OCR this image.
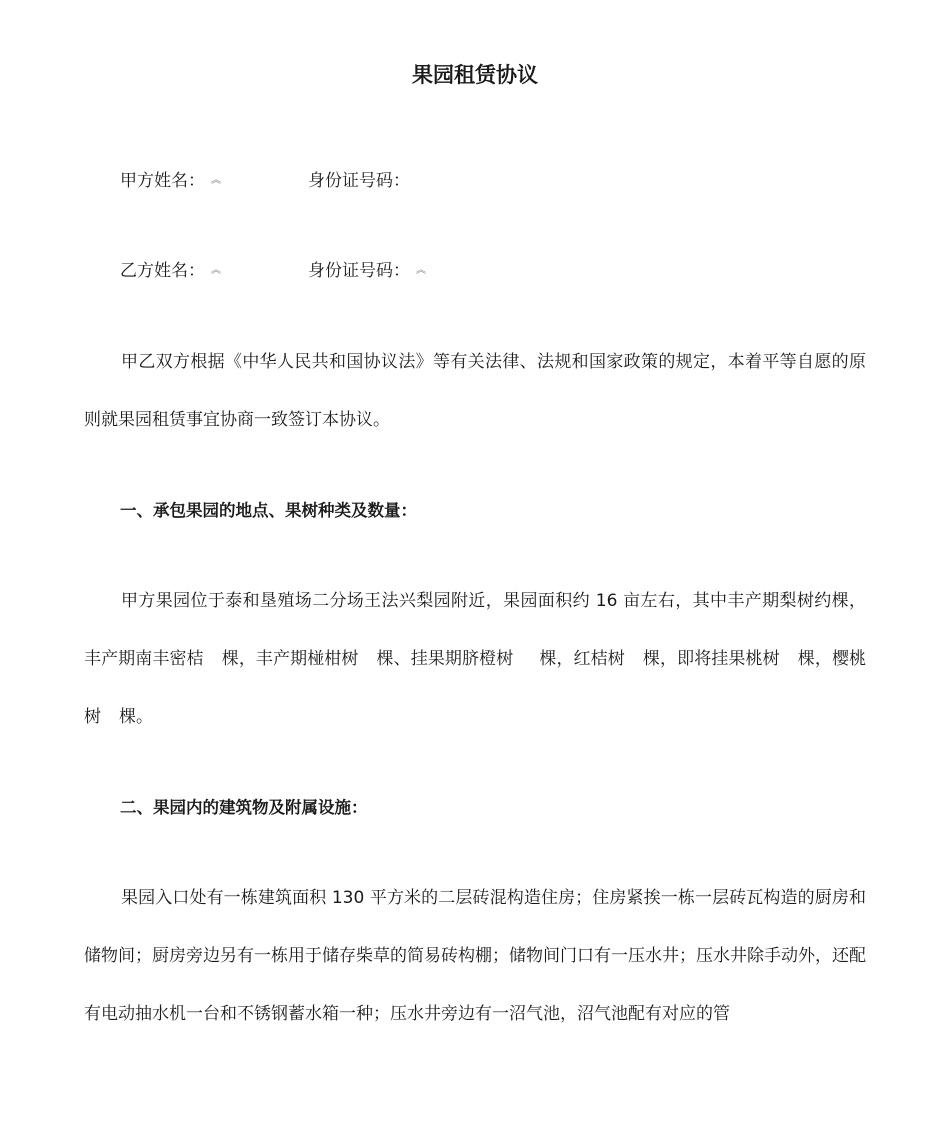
果园租赁协议
甲方姓名： ︽	身份证号码：
乙方姓名： ︽	身份证号码： ︽

甲乙双方根据《中华人民共和国协议法》等有关法律、法规和国家政策的规定，本着平等自愿的原则就果园租赁事宜协商一致签订本协议。

一、承包果园的地点、果树种类及数量：

甲方果园位于泰和垦殖场二分场王法兴梨园附近，果园面积约 16 亩左右，其中丰产期梨树约棵，丰产期南丰密桔 棵，丰产期椪柑树 棵、挂果期脐橙树 棵，红桔树 棵，即将挂果桃树 棵，樱桃树 棵。

二、果园内的建筑物及附属设施：

果园入口处有一栋建筑面积 130 平方米的二层砖混构造住房；住房紧挨一栋一层砖瓦构造的厨房和储物间；厨房旁边另有一栋用于储存柴草的简易砖构棚；储物间门口有一压水井；压水井除手动外，还配有电动抽水机一台和不锈钢蓄水箱一种；压水井旁边有一沼气池，沼气池配有对应的管
